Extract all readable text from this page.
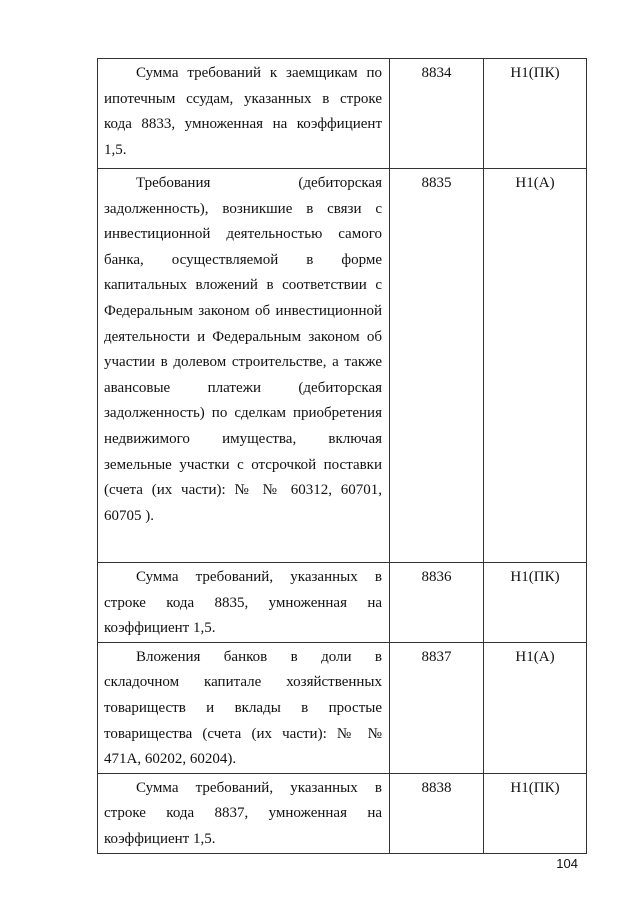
Сумма требований к заемщикам по ипотечным ссудам, указанных в строке кода 8833, умноженная на коэффициент 1,5.	8834	Н1(ПК)

Требования (дебиторская задолженность), возникшие в связи с инвестиционной деятельностью самого банка, осуществляемой в форме капитальных вложений в соответствии с Федеральным законом об инвестиционной деятельности и Федеральным законом об участии в долевом строительстве, а также авансовые платежи (дебиторская задолженность) по сделкам приобретения недвижимого имущества, включая земельные участки с отсрочкой поставки (счета (их части): № № 60312, 60701, 60705 ).	8835	Н1(А)

Сумма требований, указанных в строке кода 8835, умноженная на коэффициент 1,5.	8836	Н1(ПК)

Вложения банков в доли в складочном капитале хозяйственных товариществ и вклады в простые товарищества (счета (их части): № № 471А, 60202, 60204).	8837	Н1(А)

Сумма требований, указанных в строке кода 8837, умноженная на коэффициент 1,5.	8838	Н1(ПК)
104
